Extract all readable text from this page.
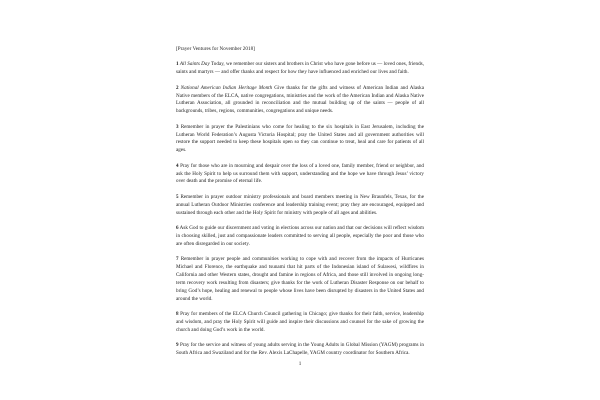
[Prayer Ventures for November 2018]

1 All Saints Day Today, we remember our sisters and brothers in Christ who have gone before us — loved ones, friends, saints and martyrs — and offer thanks and respect for how they have influenced and enriched our lives and faith.

2 National American Indian Heritage Month Give thanks for the gifts and witness of American Indian and Alaska Native members of the ELCA, native congregations, ministries and the work of the American Indian and Alaska Native Lutheran Association, all grounded in reconciliation and the mutual building up of the saints — people of all backgrounds, tribes, regions, communities, congregations and unique needs.

3 Remember in prayer the Palestinians who come for healing to the six hospitals in East Jerusalem, including the Lutheran World Federation’s Augusta Victoria Hospital; pray the United States and all government authorities will restore the support needed to keep these hospitals open so they can continue to treat, heal and care for patients of all ages.

4 Pray for those who are in mourning and despair over the loss of a loved one, family member, friend or neighbor, and ask the Holy Spirit to help us surround them with support, understanding and the hope we have through Jesus’ victory over death and the promise of eternal life.

5 Remember in prayer outdoor ministry professionals and board members meeting in New Braunfels, Texas, for the annual Lutheran Outdoor Ministries conference and leadership training event; pray they are encouraged, equipped and sustained through each other and the Holy Spirit for ministry with people of all ages and abilities.

6 Ask God to guide our discernment and voting in elections across our nation and that our decisions will reflect wisdom in choosing skilled, just and compassionate leaders committed to serving all people, especially the poor and those who are often disregarded in our society.

7 Remember in prayer people and communities working to cope with and recover from the impacts of Hurricanes Michael and Florence, the earthquake and tsunami that hit parts of the Indonesian island of Sulawesi, wildfires in California and other Western states, drought and famine in regions of Africa, and those still involved in ongoing long-term recovery work resulting from disasters; give thanks for the work of Lutheran Disaster Response on our behalf to bring God’s hope, healing and renewal to people whose lives have been disrupted by disasters in the United States and around the world.

8 Pray for members of the ELCA Church Council gathering in Chicago; give thanks for their faith, service, leadership and wisdom, and pray the Holy Spirit will guide and inspire their discussions and counsel for the sake of growing the church and doing God’s work in the world.

9 Pray for the service and witness of young adults serving in the Young Adults in Global Mission (YAGM) programs in South Africa and Swaziland and for the Rev. Alexis LaChapelle, YAGM country coordinator for Southern Africa.

1
